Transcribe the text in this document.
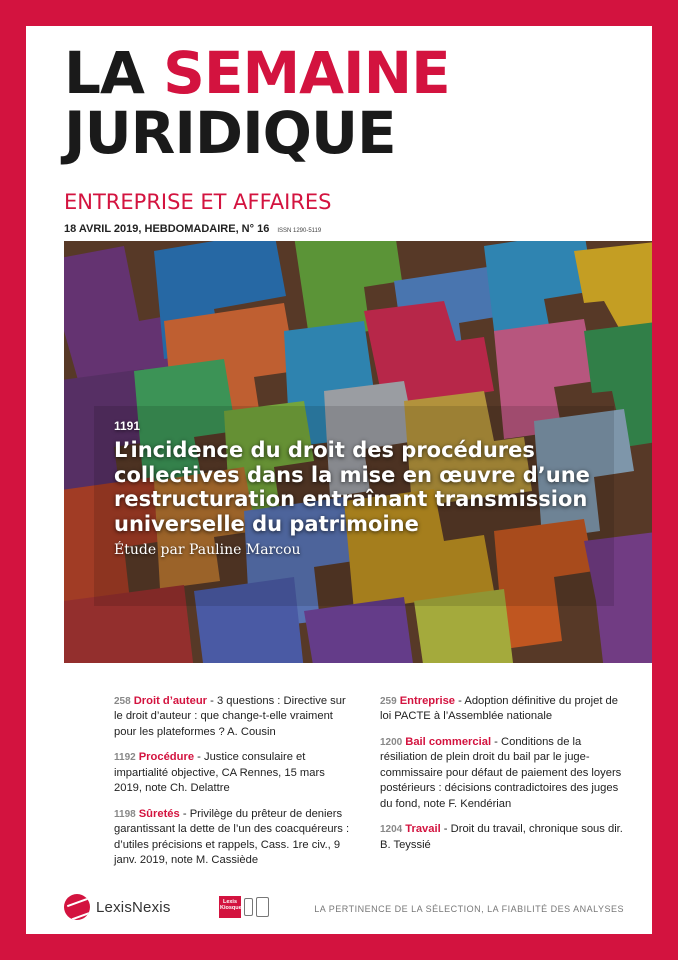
LA SEMAINE
JURIDIQUE
ENTREPRISE ET AFFAIRES
18 AVRIL 2019, HEBDOMADAIRE, N° 16 ISSN 1290-5119
1191
L’incidence du droit des procédures collectives dans la mise en œuvre d’une restructuration entraînant transmission universelle du patrimoine
Étude par Pauline Marcou
258 Droit d’auteur - 3 questions : Directive sur le droit d’auteur : que change-t-elle vraiment pour les plateformes ? A. Cousin
1192 Procédure - Justice consulaire et impartialité objective, CA Rennes, 15 mars 2019, note Ch. Delattre
1198 Sûretés - Privilège du prêteur de deniers garantissant la dette de l’un des coacquéreurs : d’utiles précisions et rappels, Cass. 1re civ., 9 janv. 2019, note M. Cassiède
259 Entreprise - Adoption définitive du projet de loi PACTE à l’Assemblée nationale
1200 Bail commercial - Conditions de la résiliation de plein droit du bail par le juge-commissaire pour défaut de paiement des loyers postérieurs : décisions contradictoires des juges du fond, note F. Kendérian
1204 Travail - Droit du travail, chronique sous dir. B. Teyssié
LexisNexis	Lexis
Kiosque	LA PERTINENCE DE LA SÉLECTION, LA FIABILITÉ DES ANALYSES
